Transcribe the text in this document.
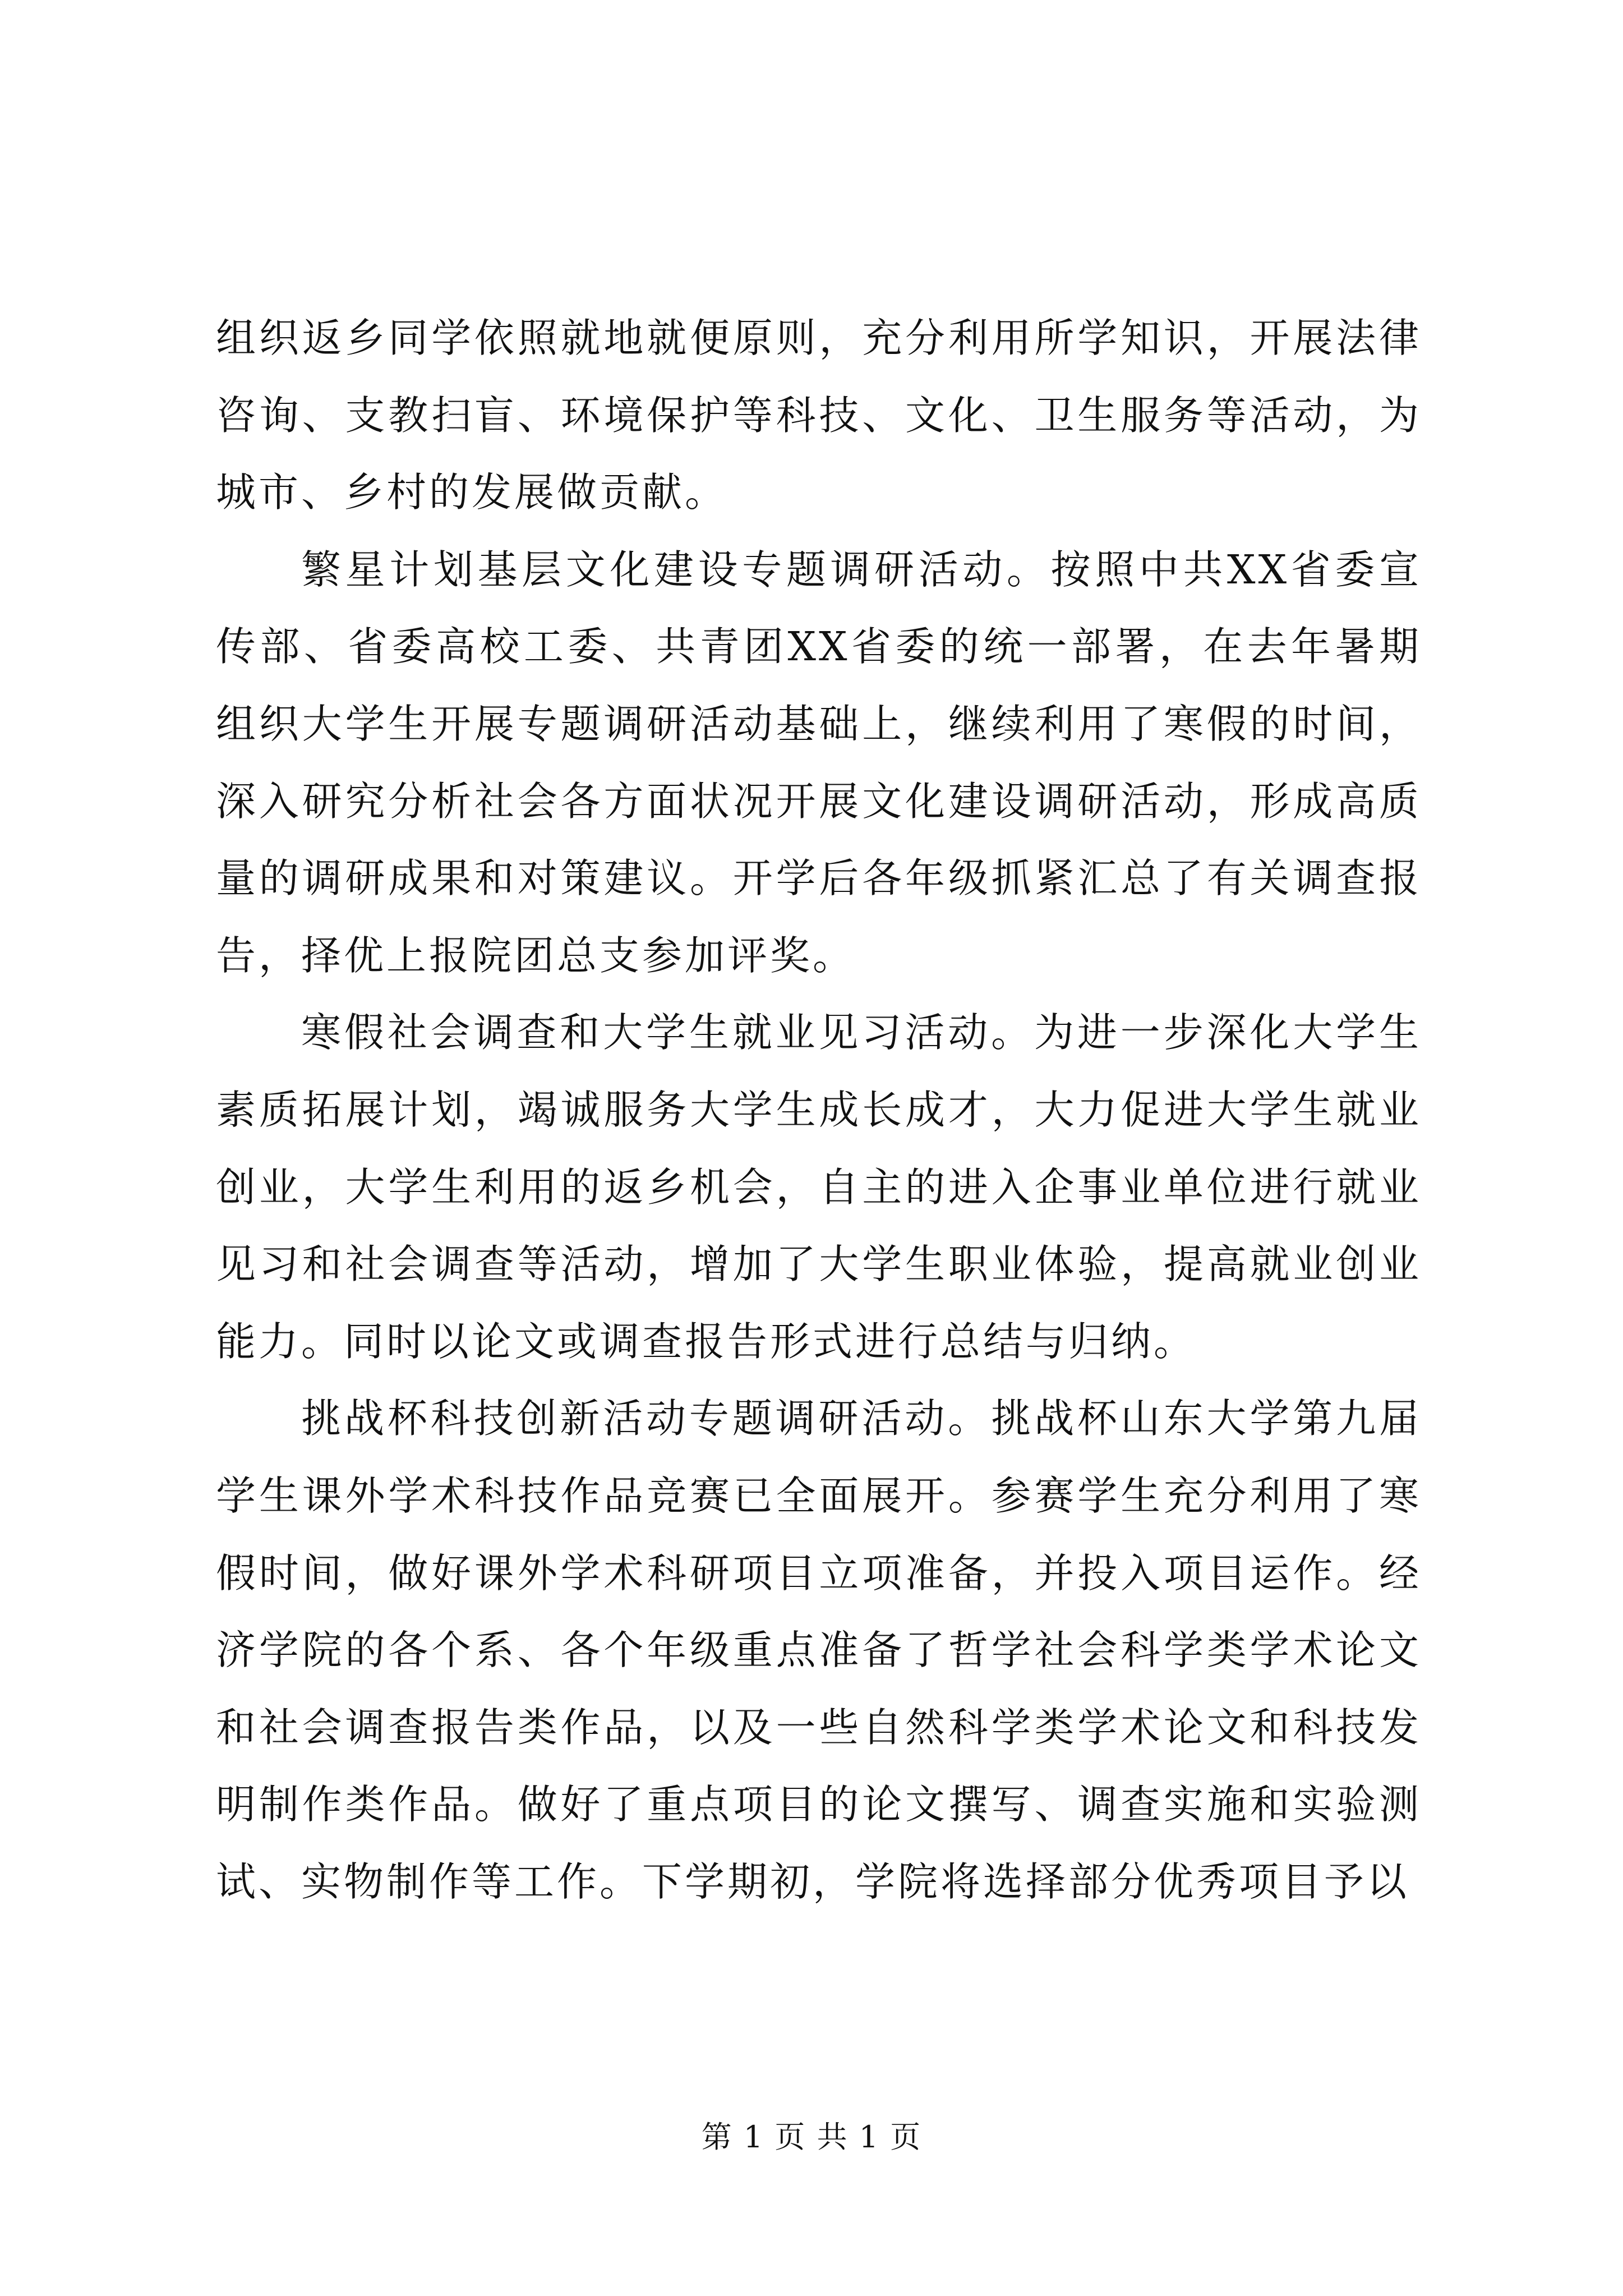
组织返乡同学依照就地就便原则，充分利用所学知识，开展法律咨询、支教扫盲、环境保护等科技、文化、卫生服务等活动，为城市、乡村的发展做贡献。

繁星计划基层文化建设专题调研活动。按照中共XX省委宣传部、省委高校工委、共青团XX省委的统一部署，在去年暑期组织大学生开展专题调研活动基础上，继续利用了寒假的时间，深入研究分析社会各方面状况开展文化建设调研活动，形成高质量的调研成果和对策建议。开学后各年级抓紧汇总了有关调查报告，择优上报院团总支参加评奖。

寒假社会调查和大学生就业见习活动。为进一步深化大学生素质拓展计划，竭诚服务大学生成长成才，大力促进大学生就业创业，大学生利用的返乡机会，自主的进入企事业单位进行就业见习和社会调查等活动，增加了大学生职业体验，提高就业创业能力。同时以论文或调查报告形式进行总结与归纳。

挑战杯科技创新活动专题调研活动。挑战杯山东大学第九届学生课外学术科技作品竞赛已全面展开。参赛学生充分利用了寒假时间，做好课外学术科研项目立项准备，并投入项目运作。经济学院的各个系、各个年级重点准备了哲学社会科学类学术论文和社会调查报告类作品，以及一些自然科学类学术论文和科技发明制作类作品。做好了重点项目的论文撰写、调查实施和实验测试、实物制作等工作。下学期初，学院将选择部分优秀项目予以

第 1 页 共 1 页
